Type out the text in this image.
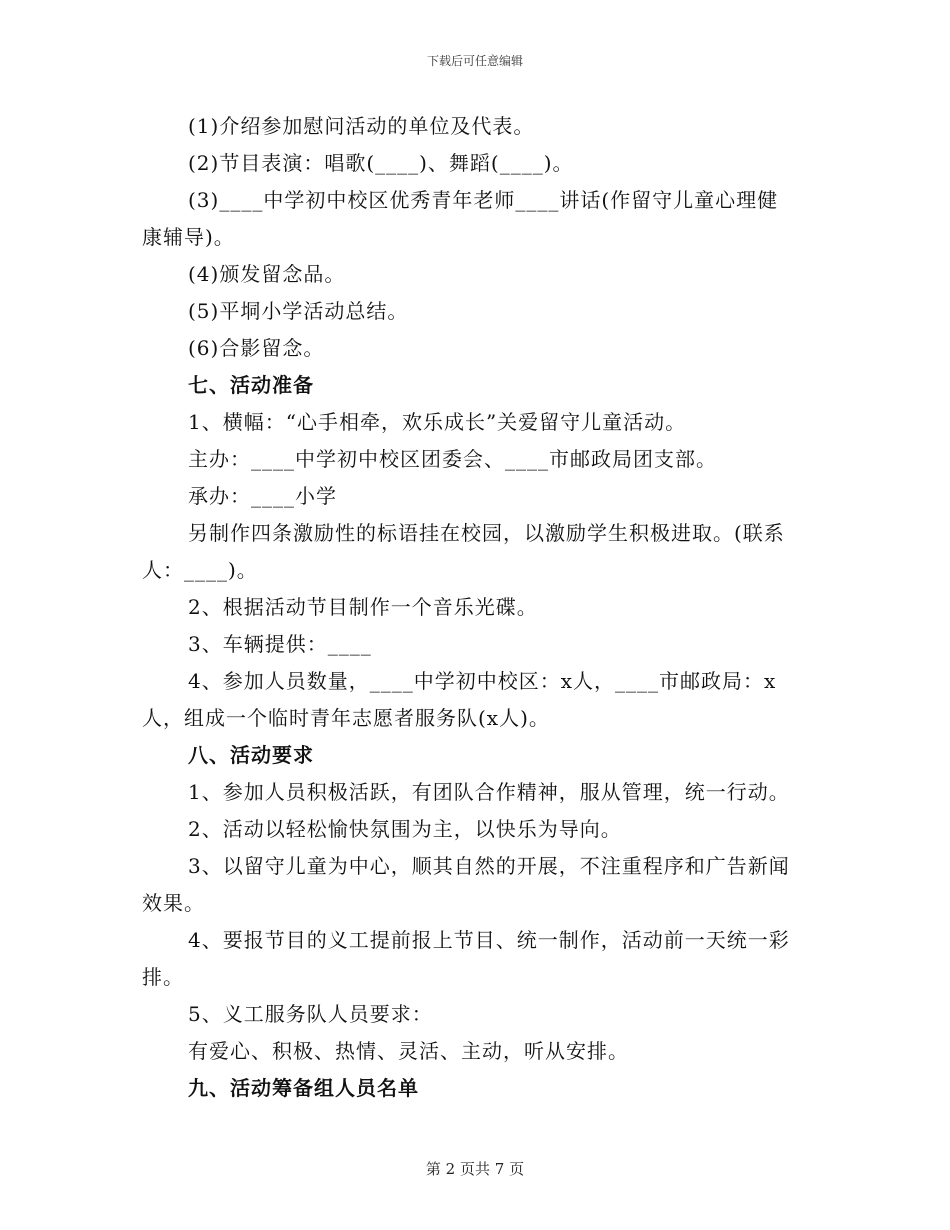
下载后可任意编辑
(1)介绍参加慰问活动的单位及代表。
(2)节目表演：唱歌(____)、舞蹈(____)。
(3)____中学初中校区优秀青年老师____讲话(作留守儿童心理健
康辅导)。
(4)颁发留念品。
(5)平垌小学活动总结。
(6)合影留念。
七、活动准备
1、横幅：“心手相牵，欢乐成长”关爱留守儿童活动。
主办：____中学初中校区团委会、____市邮政局团支部。
承办：____小学
另制作四条激励性的标语挂在校园，以激励学生积极进取。(联系
人：____)。
2、根据活动节目制作一个音乐光碟。
3、车辆提供：____
4、参加人员数量，____中学初中校区：x人，____市邮政局：x
人，组成一个临时青年志愿者服务队(x人)。
八、活动要求
1、参加人员积极活跃，有团队合作精神，服从管理，统一行动。
2、活动以轻松愉快氛围为主，以快乐为导向。
3、以留守儿童为中心，顺其自然的开展，不注重程序和广告新闻
效果。
4、要报节目的义工提前报上节目、统一制作，活动前一天统一彩
排。
5、义工服务队人员要求：
有爱心、积极、热情、灵活、主动，听从安排。
九、活动筹备组人员名单
第 2 页共 7 页
